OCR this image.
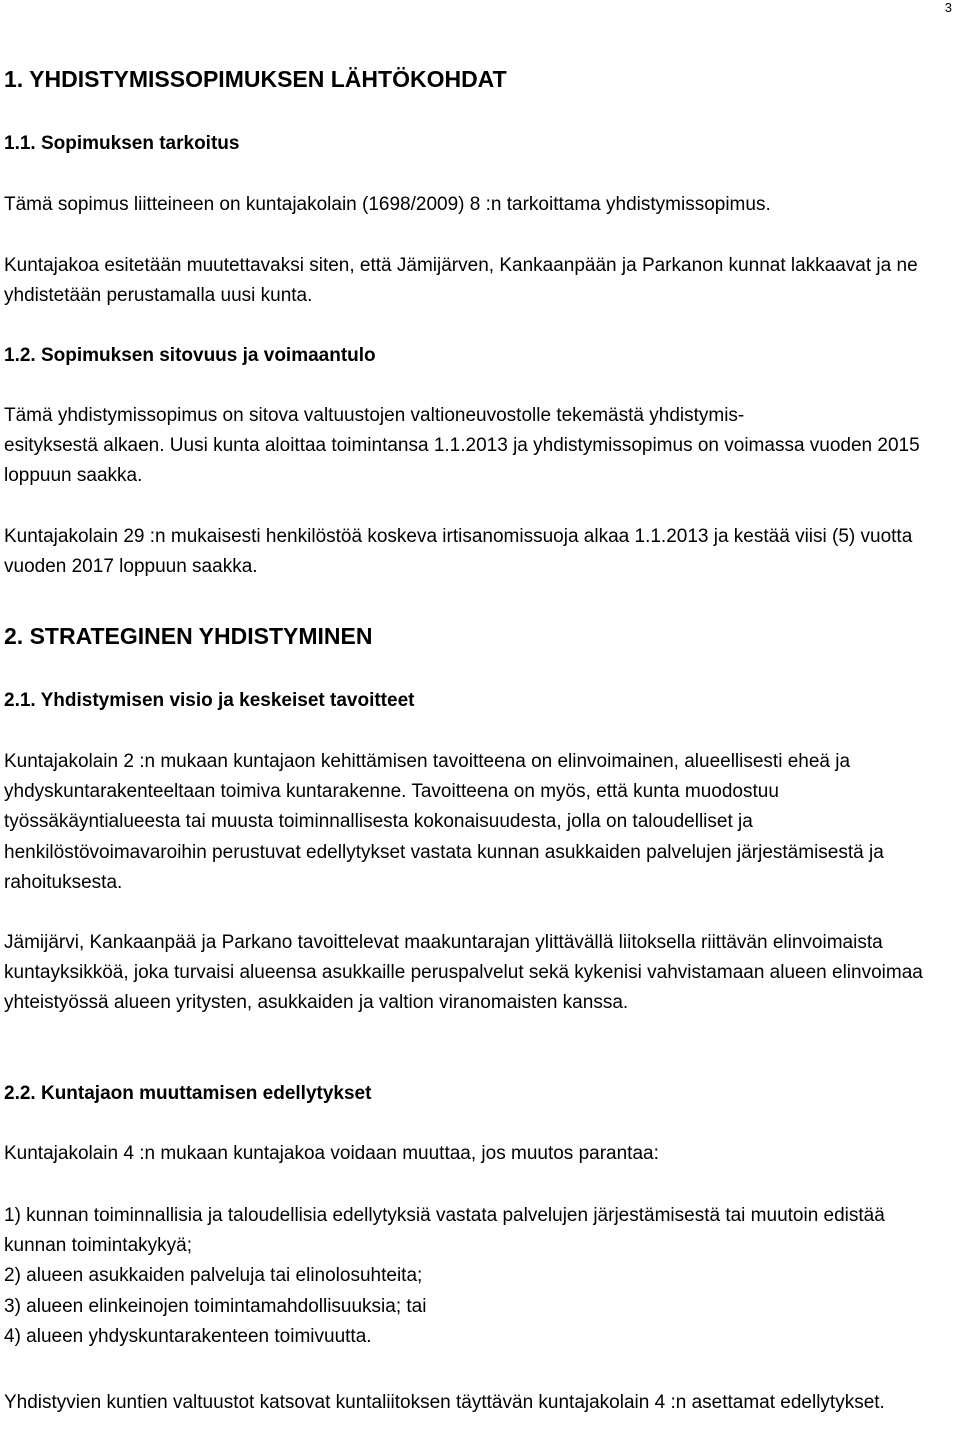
3
1. YHDISTYMISSOPIMUKSEN LÄHTÖKOHDAT
1.1. Sopimuksen tarkoitus

Tämä sopimus liitteineen on kuntajakolain (1698/2009) 8 :n tarkoittama yhdistymissopimus.

Kuntajakoa esitetään muutettavaksi siten, että Jämijärven, Kankaanpään ja Parkanon kunnat lakkaavat ja ne yhdistetään perustamalla uusi kunta.

1.2. Sopimuksen sitovuus ja voimaantulo

Tämä yhdistymissopimus on sitova valtuustojen valtioneuvostolle tekemästä yhdistymis-
esityksestä alkaen. Uusi kunta aloittaa toimintansa 1.1.2013 ja yhdistymissopimus on voimassa vuoden 2015 loppuun saakka.

Kuntajakolain 29 :n mukaisesti henkilöstöä koskeva irtisanomissuoja alkaa 1.1.2013 ja kestää viisi (5) vuotta vuoden 2017 loppuun saakka.

2. STRATEGINEN YHDISTYMINEN
2.1. Yhdistymisen visio ja keskeiset tavoitteet

Kuntajakolain 2 :n mukaan kuntajaon kehittämisen tavoitteena on elinvoimainen, alueellisesti eheä ja yhdyskuntarakenteeltaan toimiva kuntarakenne. Tavoitteena on myös, että kunta muodostuu työssäkäyntialueesta tai muusta toiminnallisesta kokonaisuudesta, jolla on taloudelliset ja henkilöstövoimavaroihin perustuvat edellytykset vastata kunnan asukkaiden palvelujen järjestämisestä ja rahoituksesta.

Jämijärvi, Kankaanpää ja Parkano tavoittelevat maakuntarajan ylittävällä liitoksella riittävän elinvoimaista kuntayksikköä, joka turvaisi alueensa asukkaille peruspalvelut sekä kykenisi vahvistamaan alueen elinvoimaa yhteistyössä alueen yritysten, asukkaiden ja valtion viranomaisten kanssa.

2.2. Kuntajaon muuttamisen edellytykset

Kuntajakolain 4 :n mukaan kuntajakoa voidaan muuttaa, jos muutos parantaa:

1) kunnan toiminnallisia ja taloudellisia edellytyksiä vastata palvelujen järjestämisestä tai muutoin edistää kunnan toimintakykyä;
2) alueen asukkaiden palveluja tai elinolosuhteita;
3) alueen elinkeinojen toimintamahdollisuuksia; tai
4) alueen yhdyskuntarakenteen toimivuutta.

Yhdistyvien kuntien valtuustot katsovat kuntaliitoksen täyttävän kuntajakolain 4 :n asettamat edellytykset.
